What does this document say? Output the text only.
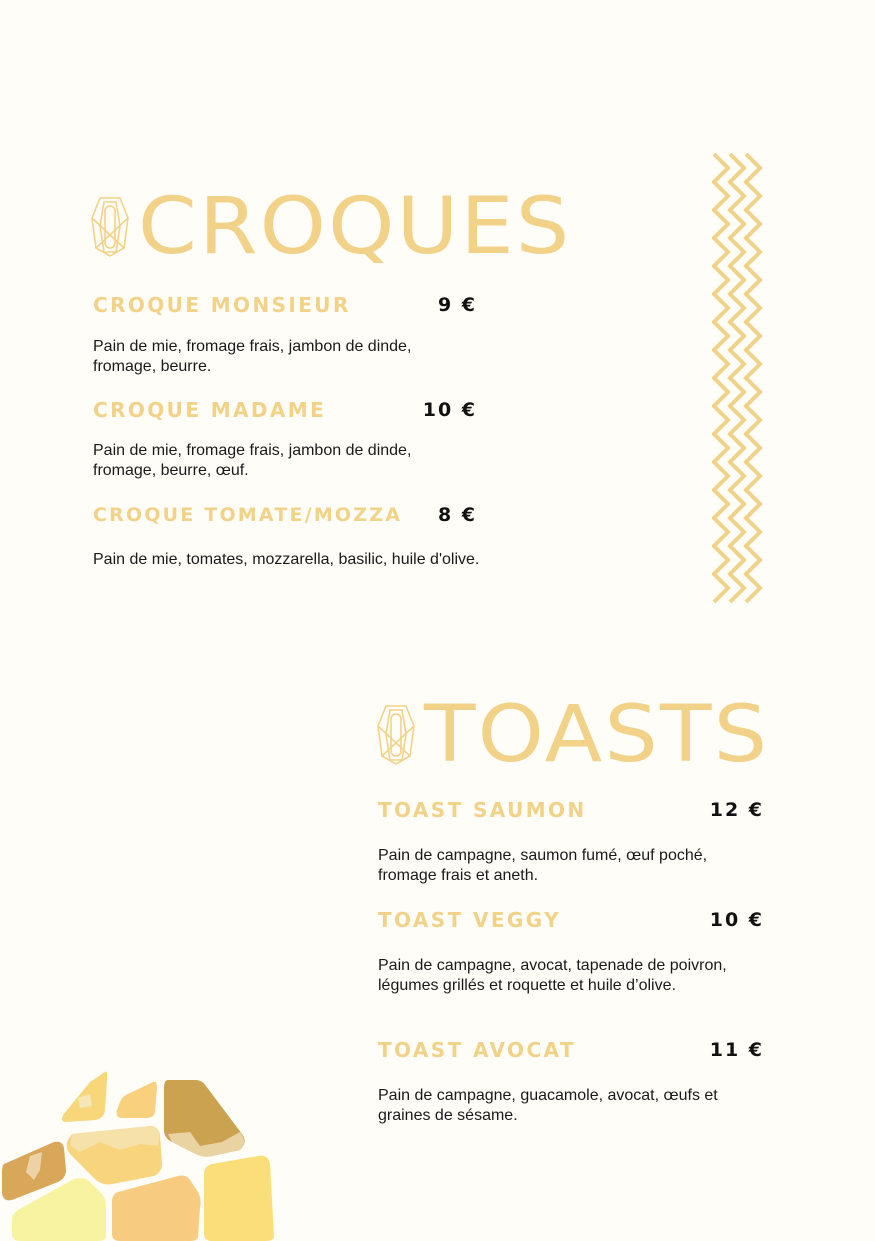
CROQUES
CROQUE MONSIEUR	9 €
Pain de mie, fromage frais, jambon de dinde, fromage, beurre.
CROQUE MADAME	10 €
Pain de mie, fromage frais, jambon de dinde, fromage, beurre, œuf.
CROQUE TOMATE/MOZZA 8 €
Pain de mie, tomates, mozzarella, basilic, huile d'olive.
TOASTS
TOAST SAUMON	12 €
Pain de campagne, saumon fumé, œuf poché, fromage frais et aneth.
TOAST VEGGY	10 €
Pain de campagne, avocat, tapenade de poivron, légumes grillés et roquette et huile d’olive.
TOAST AVOCAT	11 €
Pain de campagne, guacamole, avocat, œufs et graines de sésame.
